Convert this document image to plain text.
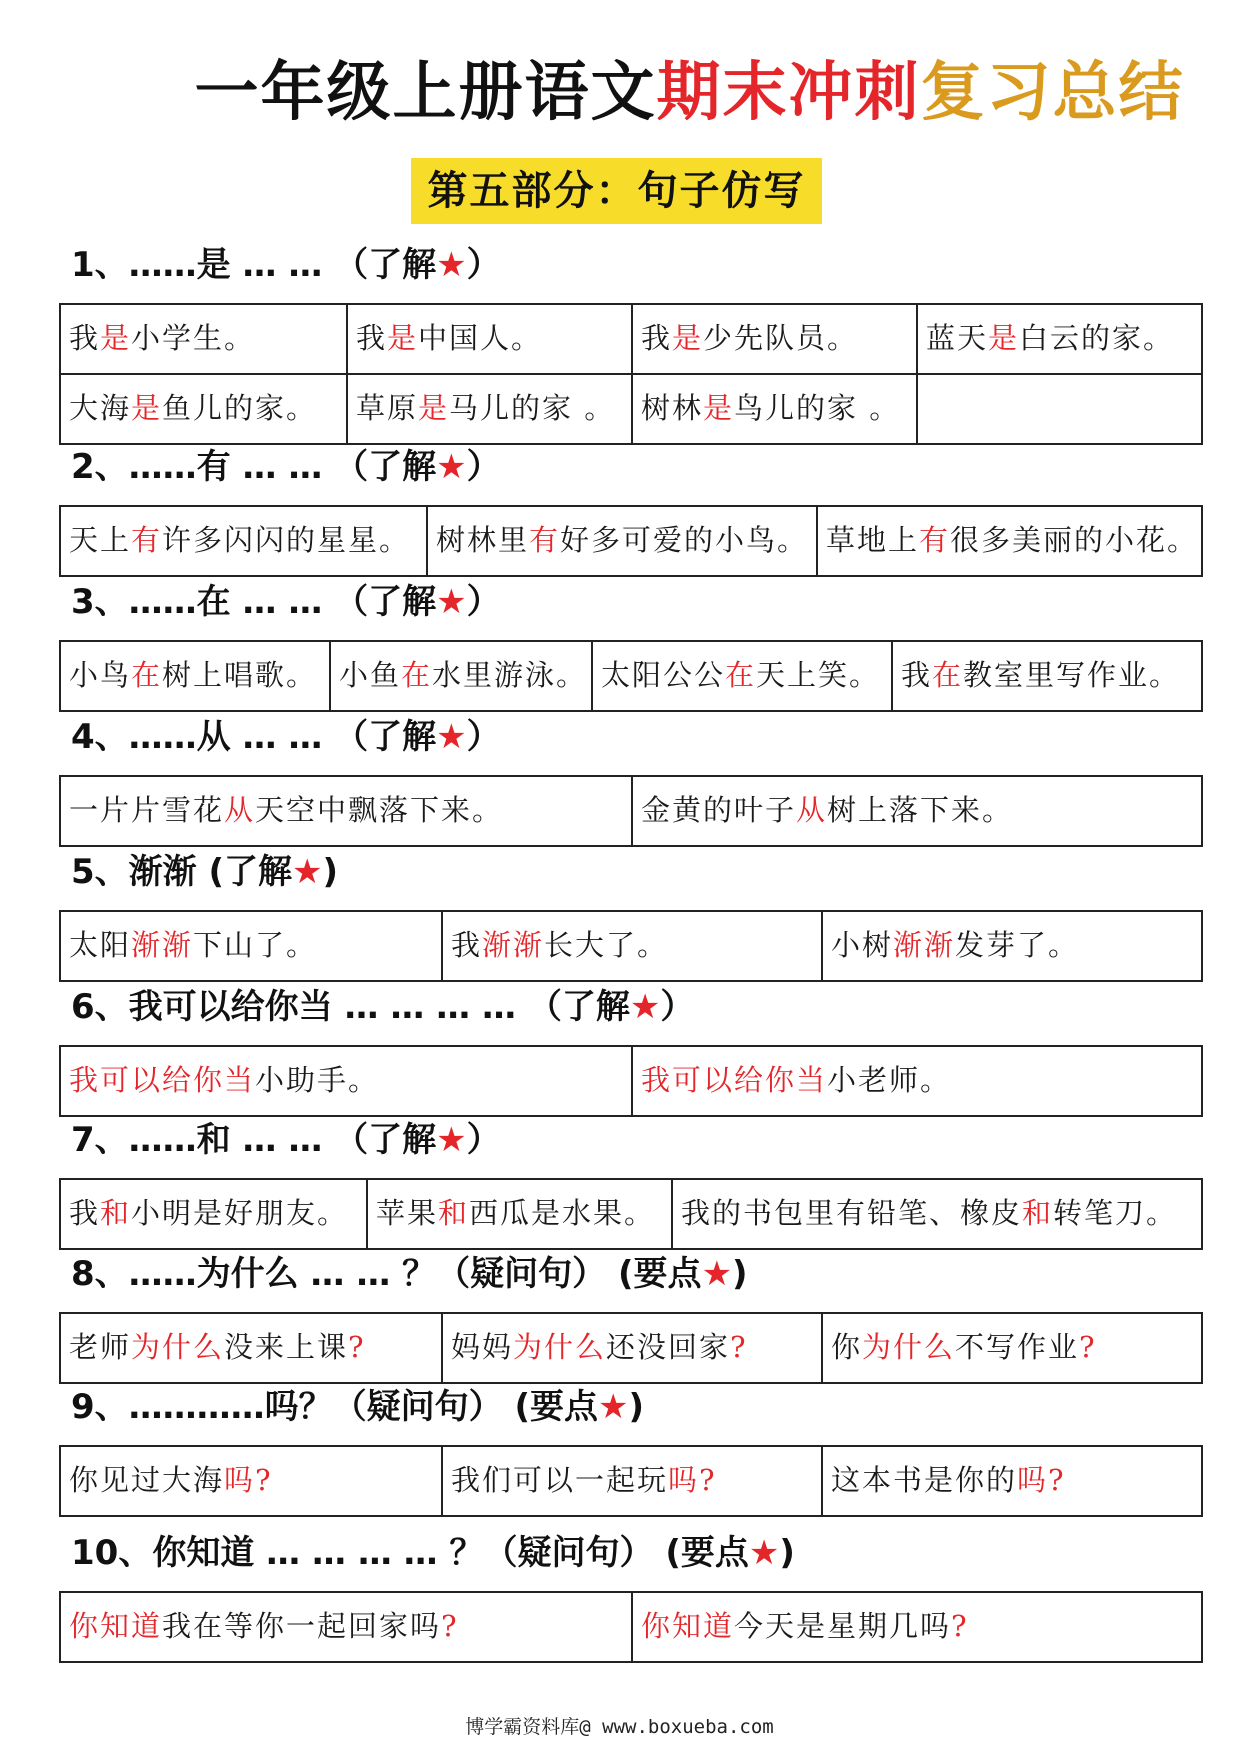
一年级上册语文期末冲刺复习总结
第五部分：句子仿写
1、……是 … … （了解★）
我是小学生。	我是中国人。	我是少先队员。	蓝天是白云的家。
大海是鱼儿的家。	草原是马儿的家 。 树林是鸟儿的家 。
2、……有 … … （了解★）
天上有许多闪闪的星星。 树林里有好多可爱的小鸟。 草地上有很多美丽的小花。
3、……在 … … （了解★）
小鸟在树上唱歌。 小鱼在水里游泳。 太阳公公在天上笑。 我在教室里写作业。
4、……从 … … （了解★）
一片片雪花从天空中飘落下来。	金黄的叶子从树上落下来。
5、渐渐 (了解★)
太阳渐渐下山了。	我渐渐长大了。	小树渐渐发芽了。
6、我可以给你当 … … … … （了解★）
我可以给你当小助手。	我可以给你当小老师。
7、……和 … … （了解★）
我和小明是好朋友。 苹果和西瓜是水果。 我的书包里有铅笔、橡皮和转笔刀。
8、……为什么 … … ？（疑问句） (要点★)
老师为什么没来上课?	妈妈为什么还没回家?	你为什么不写作业?
9、…………吗？（疑问句） (要点★)
你见过大海吗?	我们可以一起玩吗?	这本书是你的吗?
10、你知道 … … … … ？（疑问句） (要点★)
你知道我在等你一起回家吗?	你知道今天是星期几吗?
博学霸资料库@ www.boxueba.com
